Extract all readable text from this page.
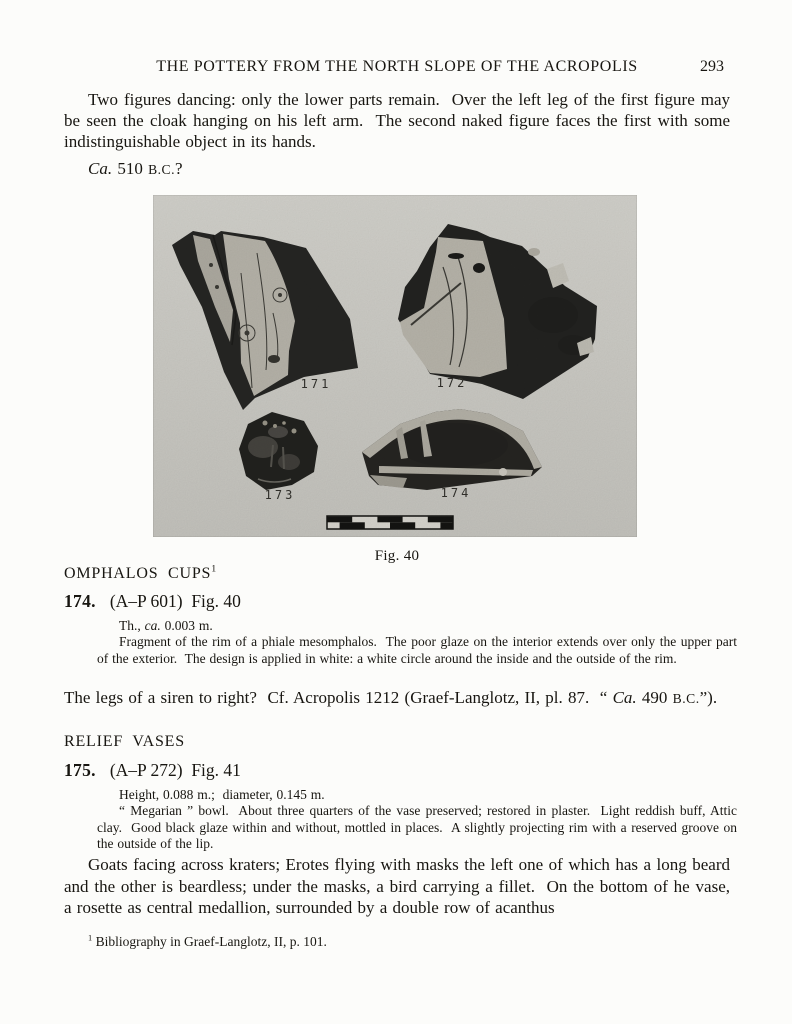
THE POTTERY FROM THE NORTH SLOPE OF THE ACROPOLIS	293

Two figures dancing: only the lower parts remain.  Over the left leg of the first figure may be seen the cloak hanging on his left arm.  The second naked figure faces the first with some indistinguishable object in its hands.

Ca. 510 B.C.?

171	172
173	174
Fig. 40
OMPHALOS  CUPS$^1$
174. (A–P 601)  Fig. 40

Th., ca. 0.003 m.

Fragment of the rim of a phiale mesomphalos.  The poor glaze on the interior extends over only the upper part of the exterior.  The design is applied in white: a white circle around the inside and the outside of the rim.

The legs of a siren to right?  Cf. Acropolis 1212 (Graef-Langlotz, II, pl. 87.  “ Ca. 490 B.C.”).

RELIEF  VASES
175. (A–P 272)  Fig. 41

Height, 0.088 m.;  diameter, 0.145 m.

“ Megarian ” bowl.  About three quarters of the vase preserved; restored in plaster.  Light reddish buff, Attic clay.  Good black glaze within and without, mottled in places.  A slightly projecting rim with a reserved groove on the outside of the lip.

Goats facing across kraters; Erotes flying with masks the left one of which has a long beard and the other is beardless; under the masks, a bird carrying a fillet.  On the bottom of he vase, a rosette as central medallion, surrounded by a double row of acanthus

$^1$ Bibliography in Graef-Langlotz, II, p. 101.
